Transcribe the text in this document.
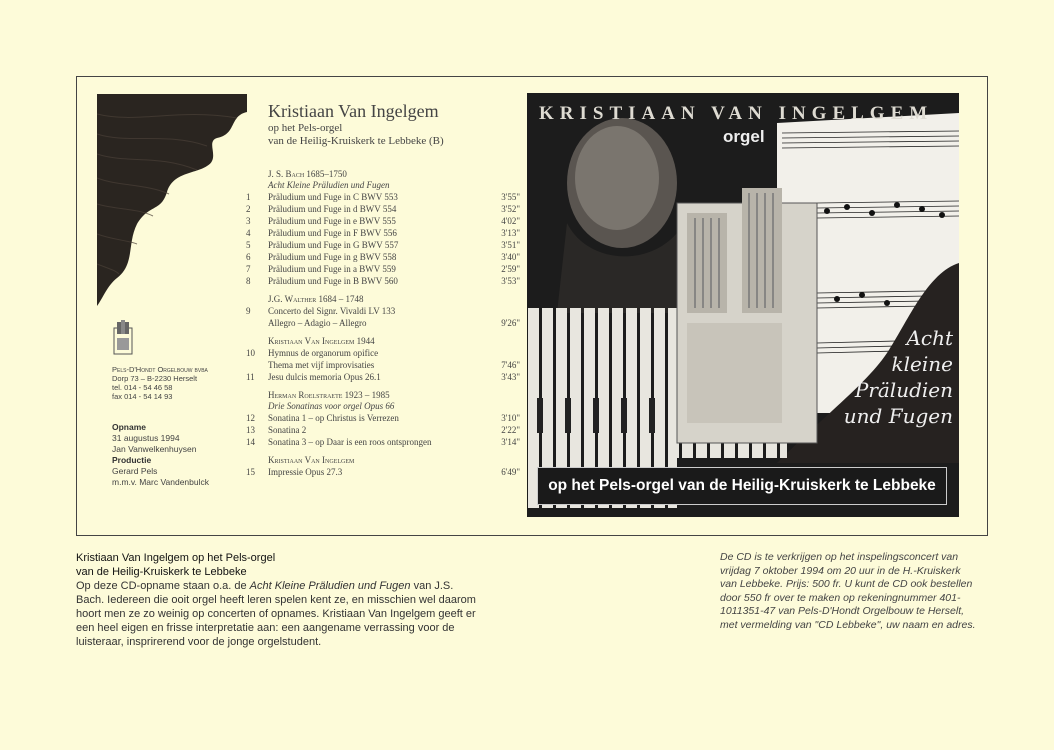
Pels-D'Hondt Orgelbouw bvba
Dorp 73 – B-2230 Herselt
tel. 014 - 54 46 58
fax 014 - 54 14 93
Opname
31 augustus 1994
Jan Vanwelkenhuysen
Productie
Gerard Pels
m.m.v. Marc Vandenbulck
Kristiaan Van Ingelgem
op het Pels-orgel
van de Heilig-Kruiskerk te Lebbeke (B)
J. S. Bach 1685–1750
Acht Kleine Präludien und Fugen
1	Präludium und Fuge in C BWV 553	3'55"
2	Präludium und Fuge in d BWV 554	3'52"
3	Präludium und Fuge in e BWV 555	4'02"
4	Präludium und Fuge in F BWV 556	3'13"
5	Präludium und Fuge in G BWV 557	3'51"
6	Präludium und Fuge in g BWV 558	3'40"
7	Präludium und Fuge in a BWV 559	2'59"
8	Präludium und Fuge in B BWV 560	3'53"
J.G. Walther 1684 – 1748
9	Concerto del Signr. Vivaldi LV 133
Allegro – Adagio – Allegro	9'26"
Kristiaan Van Ingelgem 1944
10	Hymnus de organorum opifice
Thema met vijf improvisaties	7'46"
11	Jesu dulcis memoria Opus 26.1	3'43"
Herman Roelstraete 1923 – 1985
Drie Sonatinas voor orgel Opus 66
12	Sonatina 1 – op Christus is Verrezen	3'10"
13	Sonatina 2	2'22"
14	Sonatina 3 – op Daar is een roos ontsprongen	3'14"
Kristiaan Van Ingelgem
15	Impressie Opus 27.3	6'49"
KRISTIAAN VAN INGELGEM
orgel
Acht
kleine
Präludien
und Fugen
op het Pels-orgel van de Heilig-Kruiskerk te Lebbeke
Kristiaan Van Ingelgem op het Pels-orgel
van de Heilig-Kruiskerk te Lebbeke
Op deze CD-opname staan o.a. de Acht Kleine Präludien und Fugen van J.S. Bach. Iedereen die ooit orgel heeft leren spelen kent ze, en misschien wel daarom hoort men ze zo weinig op concerten of opnames. Kristiaan Van Ingelgem geeft er een heel eigen en frisse interpretatie aan: een aangename verrassing voor de luisteraar, insprirerend voor de jonge orgelstudent.
De CD is te verkrijgen op het inspelingsconcert van vrijdag 7 oktober 1994 om 20 uur in de H.-Kruiskerk van Lebbeke. Prijs: 500 fr. U kunt de CD ook bestellen door 550 fr over te maken op rekeningnummer 401-1011351-47 van Pels-D'Hondt Orgelbouw te Herselt, met vermelding van "CD Lebbeke", uw naam en adres.
